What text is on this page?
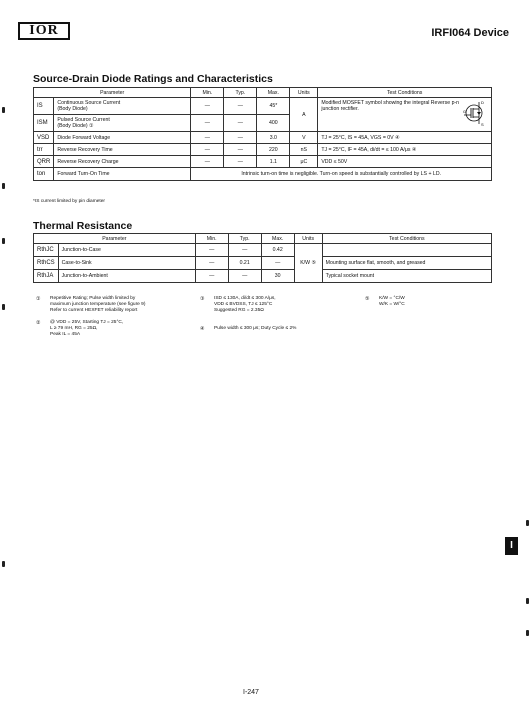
IOR	IRFI064 Device
Source-Drain Diode Ratings and Characteristics
Parameter		Min.	Typ.	Max.	Units	Test Conditions
IS	Continuous Source Current
(Body Diode)	—	—	45*	A	Modified MOSFET symbol showing the integral Reverse p-n junction rectifier.
ISM	Pulsed Source Current
(Body Diode) ①	—	—	400		
VSD	Diode Forward Voltage	—	—	3.0	V	TJ = 25°C, IS = 45A, VGS = 0V ④
trr	Reverse Recovery Time	—	—	220	nS	TJ = 25°C, IF = 45A, di/dt = ≤ 100 A/μs ④
QRR	Reverse Recovery Charge	—	—	1.1	μC	VDD ≤ 50V
ton	Forward Turn-On Time	Intrinsic turn-on time is negligible. Turn-on speed is substantially controlled by LS + LD.				
D
G
S
*IS current limited by pin diameter
Thermal Resistance
Parameter		Min.	Typ.	Max.	Units	Test Conditions
RthJC	Junction-to-Case	—	—	0.42	K/W ⑤	
RthCS	Case-to-Sink	—	0.21	—		Mounting surface flat, smooth, and greased
RthJA	Junction-to-Ambient	—	—	30		Typical socket mount
① Repetitive Rating; Pulse width limited by
maximum junction temperature (see figure 9)
Refer to current HEXFET reliability report
② @ VDD = 25V, Starting TJ = 25°C,
L ≥ 79 mH, RG = 25Ω,
Peak IL = 45A
③ ISD ≤ 130A, di/dt ≤ 300 A/μs,
VDD ≤ BVDSS, TJ ≤ 125°C
Suggested RG = 2.35Ω
④ Pulse width ≤ 300 μs; Duty Cycle ≤ 2%
⑤ K/W = °C/W
W/K = W/°C
I
I-247
